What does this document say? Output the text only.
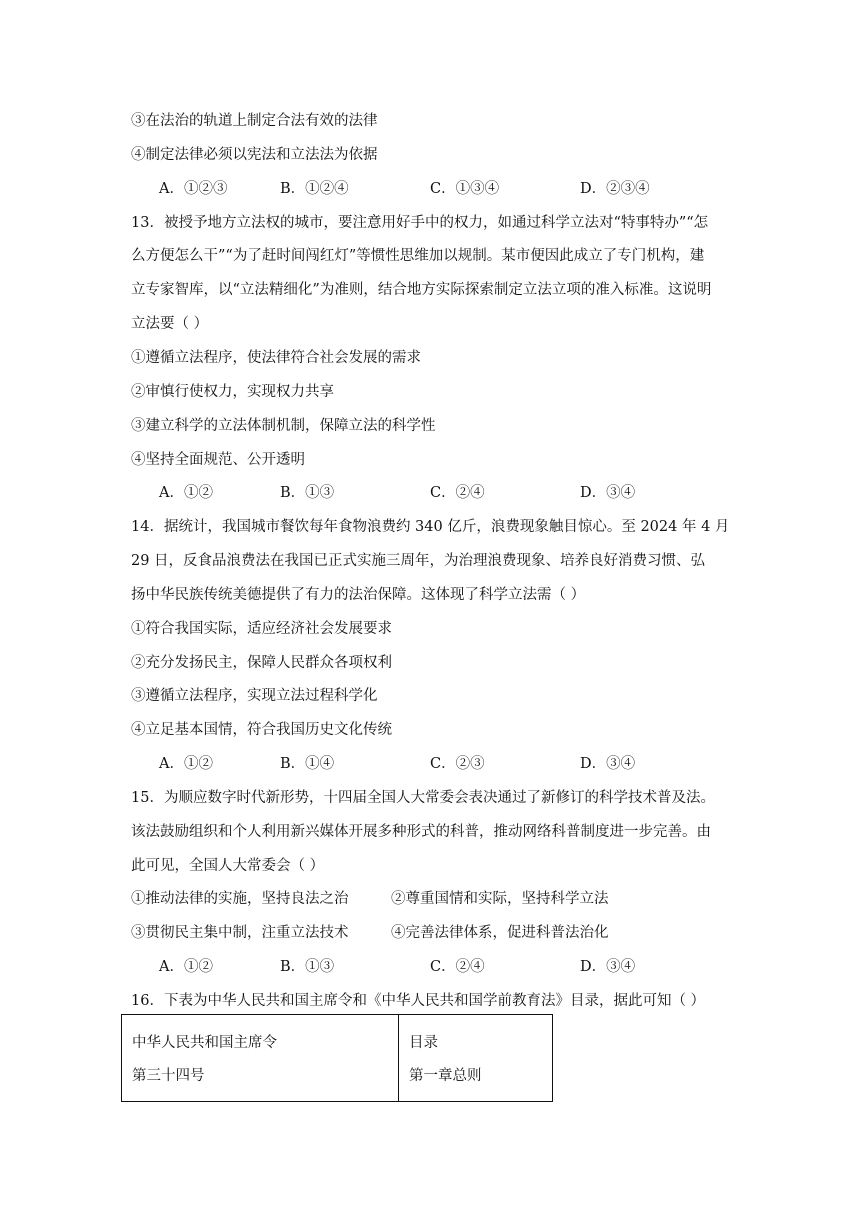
③在法治的轨道上制定合法有效的法律
④制定法律必须以宪法和立法法为依据
A．①②③	B．①②④	C．①③④	D．②③④
13．被授予地方立法权的城市，要注意用好手中的权力，如通过科学立法对“特事特办”“怎
么方便怎么干”“为了赶时间闯红灯”等惯性思维加以规制。某市便因此成立了专门机构，建
立专家智库，以“立法精细化”为准则，结合地方实际探索制定立法立项的准入标准。这说明
立法要（ ）
①遵循立法程序，使法律符合社会发展的需求
②审慎行使权力，实现权力共享
③建立科学的立法体制机制，保障立法的科学性
④坚持全面规范、公开透明
A．①②	B．①③	C．②④	D．③④
14．据统计，我国城市餐饮每年食物浪费约 340 亿斤，浪费现象触目惊心。至 2024 年 4 月
29 日，反食品浪费法在我国已正式实施三周年，为治理浪费现象、培养良好消费习惯、弘
扬中华民族传统美德提供了有力的法治保障。这体现了科学立法需（ ）
①符合我国实际，适应经济社会发展要求
②充分发扬民主，保障人民群众各项权利
③遵循立法程序，实现立法过程科学化
④立足基本国情，符合我国历史文化传统
A．①②	B．①④	C．②③	D．③④
15．为顺应数字时代新形势，十四届全国人大常委会表决通过了新修订的科学技术普及法。
该法鼓励组织和个人利用新兴媒体开展多种形式的科普，推动网络科普制度进一步完善。由
此可见，全国人大常委会（ ）
①推动法律的实施，坚持良法之治	②尊重国情和实际，坚持科学立法
③贯彻民主集中制，注重立法技术	④完善法律体系，促进科普法治化
A．①②	B．①③	C．②④	D．③④
16．下表为中华人民共和国主席令和《中华人民共和国学前教育法》目录，据此可知（ ）
中华人民共和国主席令
第三十四号

目录
第一章总则
